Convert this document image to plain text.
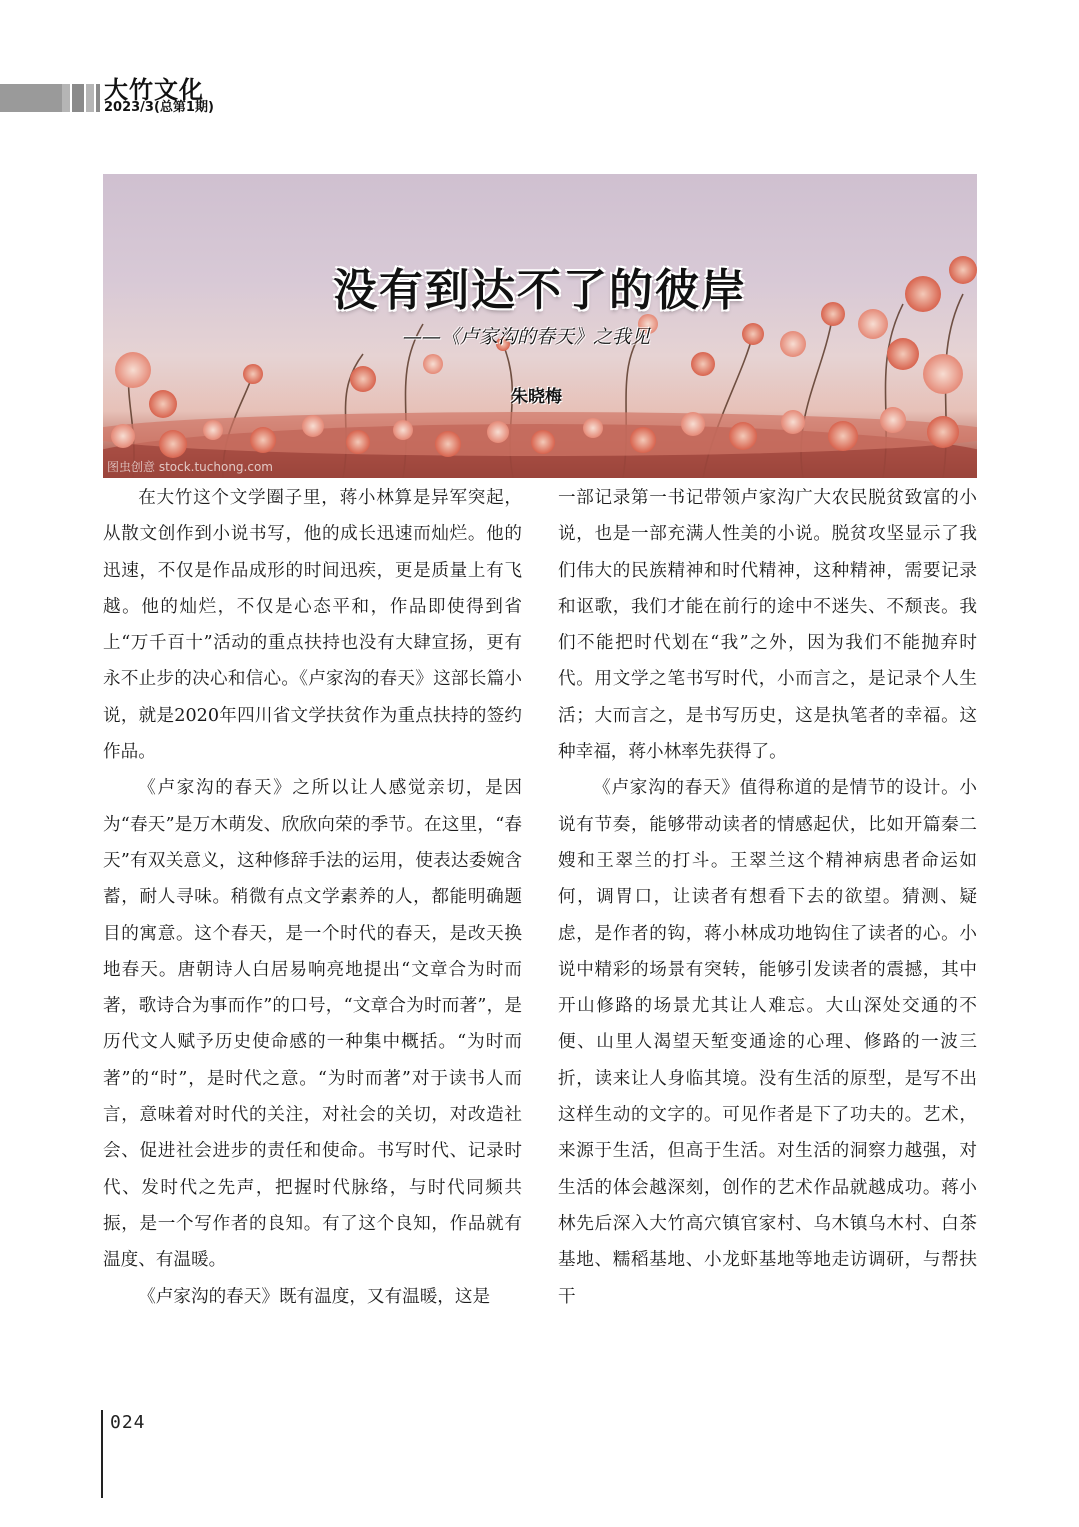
大竹文化
2023/3(总第1期)
没有到达不了的彼岸
——《卢家沟的春天》之我见
朱晓梅
图虫创意 stock.tuchong.com

在大竹这个文学圈子里，蒋小林算是异军突起，从散文创作到小说书写，他的成长迅速而灿烂。他的迅速，不仅是作品成形的时间迅疾，更是质量上有飞越。他的灿烂，不仅是心态平和，作品即使得到省上“万千百十”活动的重点扶持也没有大肆宣扬，更有永不止步的决心和信心。《卢家沟的春天》这部长篇小说，就是2020年四川省文学扶贫作为重点扶持的签约作品。

《卢家沟的春天》之所以让人感觉亲切，是因为“春天”是万木萌发、欣欣向荣的季节。在这里，“春天”有双关意义，这种修辞手法的运用，使表达委婉含蓄，耐人寻味。稍微有点文学素养的人，都能明确题目的寓意。这个春天，是一个时代的春天，是改天换地春天。唐朝诗人白居易响亮地提出“文章合为时而著，歌诗合为事而作”的口号，“文章合为时而著”，是历代文人赋予历史使命感的一种集中概括。“为时而著”的“时”，是时代之意。“为时而著”对于读书人而言，意味着对时代的关注，对社会的关切，对改造社会、促进社会进步的责任和使命。书写时代、记录时代、发时代之先声，把握时代脉络，与时代同频共振，是一个写作者的良知。有了这个良知，作品就有温度、有温暖。

《卢家沟的春天》既有温度，又有温暖，这是

一部记录第一书记带领卢家沟广大农民脱贫致富的小说，也是一部充满人性美的小说。脱贫攻坚显示了我们伟大的民族精神和时代精神，这种精神，需要记录和讴歌，我们才能在前行的途中不迷失、不颓丧。我们不能把时代划在“我”之外，因为我们不能抛弃时代。用文学之笔书写时代，小而言之，是记录个人生活；大而言之，是书写历史，这是执笔者的幸福。这种幸福，蒋小林率先获得了。

《卢家沟的春天》值得称道的是情节的设计。小说有节奏，能够带动读者的情感起伏，比如开篇秦二嫂和王翠兰的打斗。王翠兰这个精神病患者命运如何，调胃口，让读者有想看下去的欲望。猜测、疑虑，是作者的钩，蒋小林成功地钩住了读者的心。小说中精彩的场景有突转，能够引发读者的震撼，其中开山修路的场景尤其让人难忘。大山深处交通的不便、山里人渴望天堑变通途的心理、修路的一波三折，读来让人身临其境。没有生活的原型，是写不出这样生动的文字的。可见作者是下了功夫的。艺术，来源于生活，但高于生活。对生活的洞察力越强，对生活的体会越深刻，创作的艺术作品就越成功。蒋小林先后深入大竹高穴镇官家村、乌木镇乌木村、白茶基地、糯稻基地、小龙虾基地等地走访调研，与帮扶干

024
